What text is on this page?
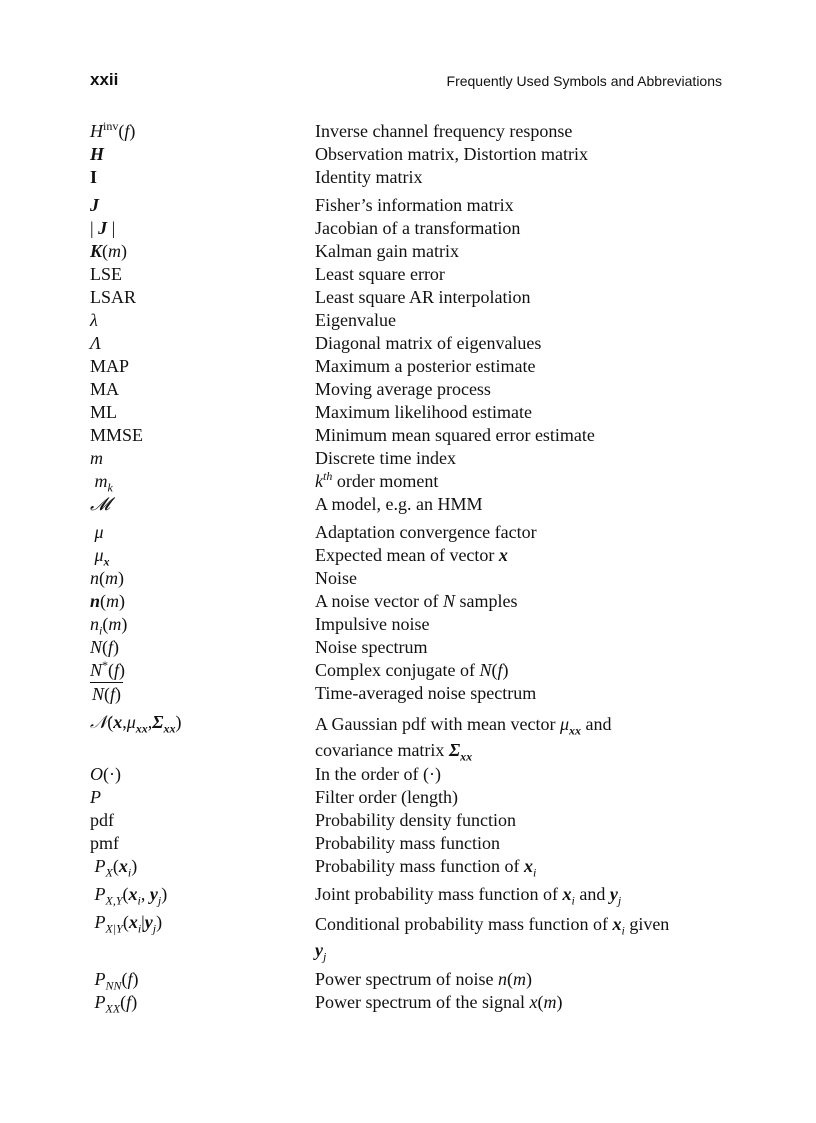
xxii	Frequently Used Symbols and Abbreviations
$H^{inv}(f)$	Inverse channel frequency response
H	Observation matrix, Distortion matrix
I	Identity matrix
J	Fisher’s information matrix
| J |	Jacobian of a transformation
K(m)	Kalman gain matrix
LSE	Least square error
LSAR	Least square AR interpolation
λ	Eigenvalue
Λ	Diagonal matrix of eigenvalues
MAP	Maximum a posterior estimate
MA	Moving average process
ML	Maximum likelihood estimate
MMSE	Minimum mean squared error estimate
m	Discrete time index
$m_k$	$k^{th}$ order moment
𝓜	A model, e.g. an HMM
μ	Adaptation convergence factor
$\mu_x$	Expected mean of vector x
n(m)	Noise
n(m)	A noise vector of N samples
$n_i(m)$	Impulsive noise
N(f)	Noise spectrum
N*(f)	Complex conjugate of N(f)
N(f)	Time-averaged noise spectrum
$𝒩(x,\mu_{xx},\Sigma_{xx})$	A Gaussian pdf with mean vector $\mu_{xx}$ and
covariance matrix $\Sigma_{xx}$
O(·)	In the order of (·)
P	Filter order (length)
pdf	Probability density function
pmf	Probability mass function
$P_X(x_i)$	Probability mass function of $x_i$
$P_{X,Y}(x_i$, $y_j$)	Joint probability mass function of $x_i$ and $y_j$
$P_{X|Y}(x_i|y_j)$	Conditional probability mass function of $x_i$ given
$y_j$
$P_{NN}(f)$	Power spectrum of noise n(m)
$P_{XX}(f)$	Power spectrum of the signal x(m)
